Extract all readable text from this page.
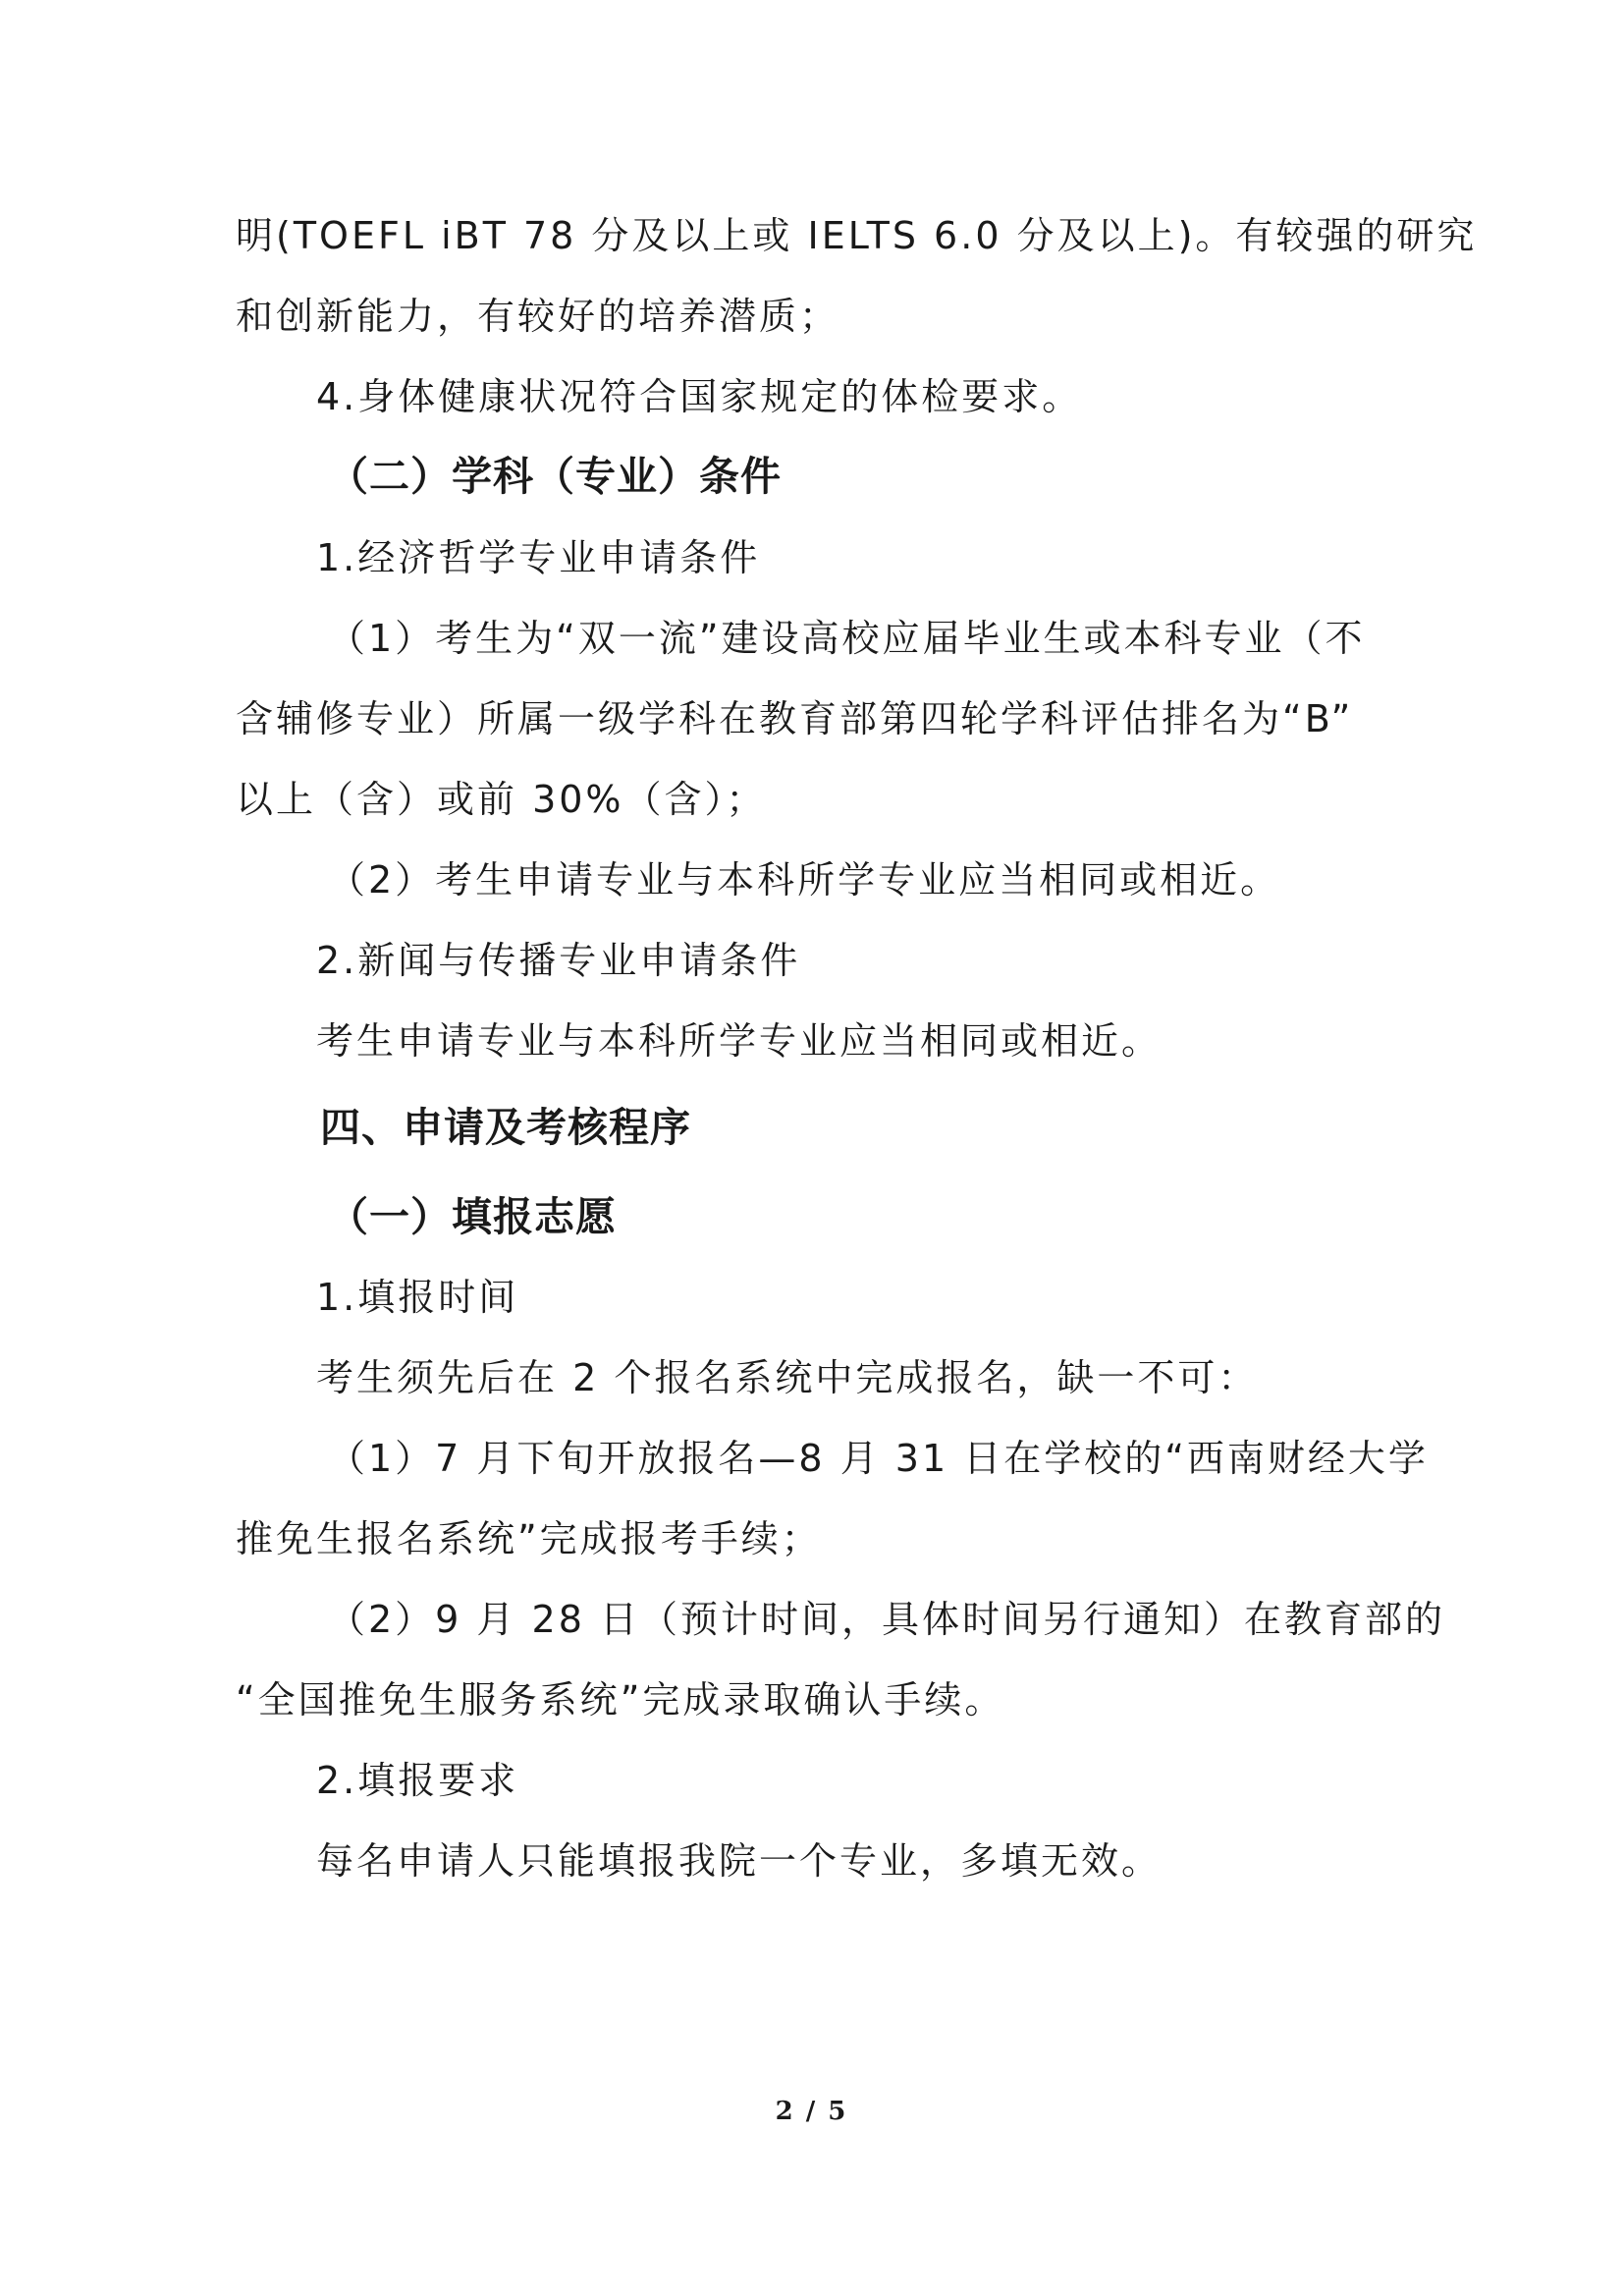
明(TOEFL iBT 78 分及以上或 IELTS 6.0 分及以上)。有较强的研究
和创新能力，有较好的培养潜质；
4.身体健康状况符合国家规定的体检要求。
（二）学科（专业）条件
1.经济哲学专业申请条件
（1）考生为“双一流”建设高校应届毕业生或本科专业（不
含辅修专业）所属一级学科在教育部第四轮学科评估排名为“B”
以上（含）或前 30%（含）；
（2）考生申请专业与本科所学专业应当相同或相近。
2.新闻与传播专业申请条件
考生申请专业与本科所学专业应当相同或相近。
四、申请及考核程序
（一）填报志愿
1.填报时间
考生须先后在 2 个报名系统中完成报名，缺一不可：
（1）7 月下旬开放报名—8 月 31 日在学校的“西南财经大学
推免生报名系统”完成报考手续；
（2）9 月 28 日（预计时间，具体时间另行通知）在教育部的
“全国推免生服务系统”完成录取确认手续。
2.填报要求
每名申请人只能填报我院一个专业，多填无效。
2 / 5
